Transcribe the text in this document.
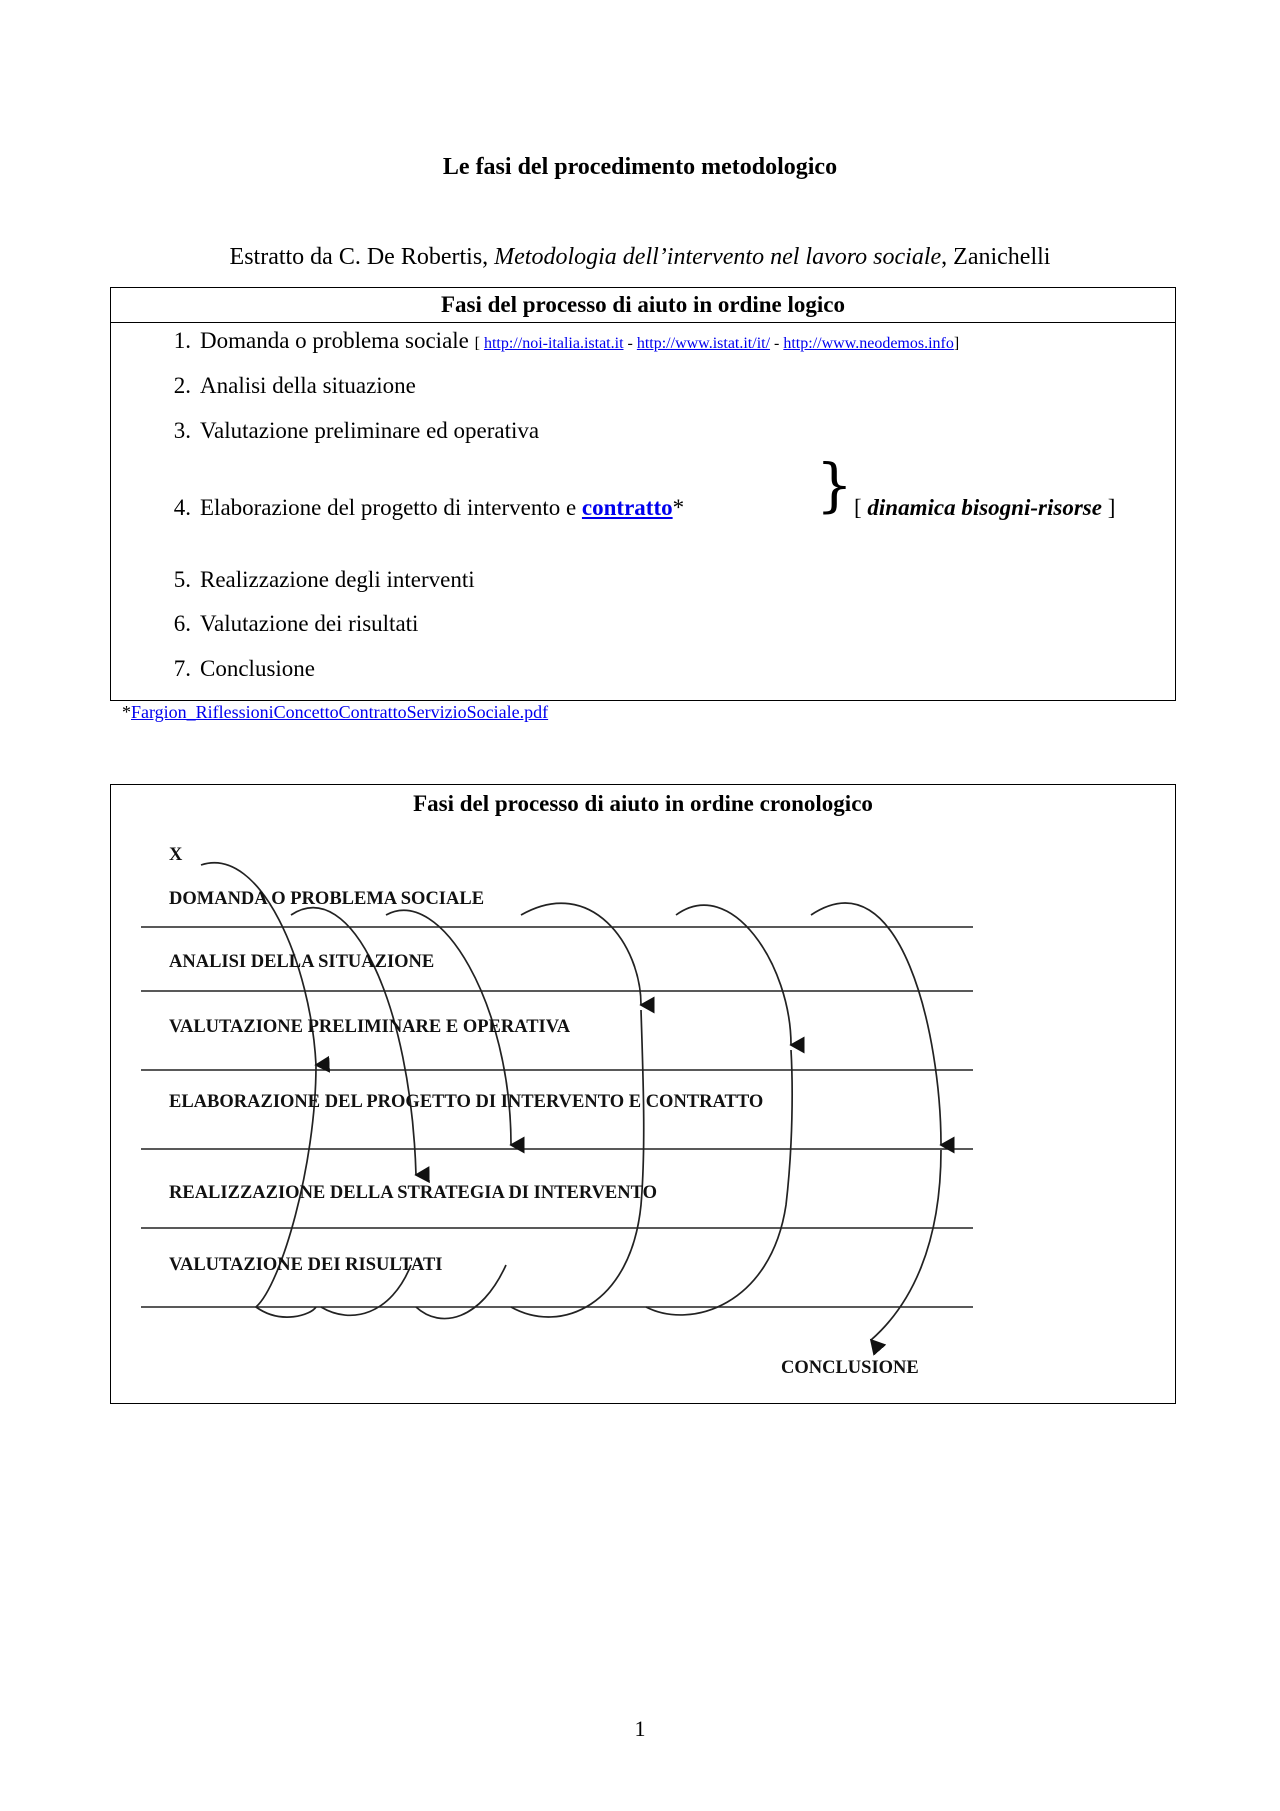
Le fasi del procedimento metodologico
Estratto da C. De Robertis, Metodologia dell’intervento nel lavoro sociale, Zanichelli
Fasi del processo di aiuto in ordine logico
1. Domanda o problema sociale [ http://noi-italia.istat.it - http://www.istat.it/it/ - http://www.neodemos.info]
2. Analisi della situazione
3. Valutazione preliminare ed operativa
4. Elaborazione del progetto di intervento e contratto* } [ dinamica bisogni-risorse ]
5. Realizzazione degli interventi
6. Valutazione dei risultati
7. Conclusione
*Fargion_RiflessioniConcettoContrattoServizioSociale.pdf
Fasi del processo di aiuto in ordine cronologico
X
DOMANDA O PROBLEMA SOCIALE
ANALISI DELLA SITUAZIONE
VALUTAZIONE PRELIMINARE E OPERATIVA
ELABORAZIONE DEL PROGETTO DI INTERVENTO E CONTRATTO
REALIZZAZIONE DELLA STRATEGIA DI INTERVENTO
VALUTAZIONE DEI RISULTATI
CONCLUSIONE
1
